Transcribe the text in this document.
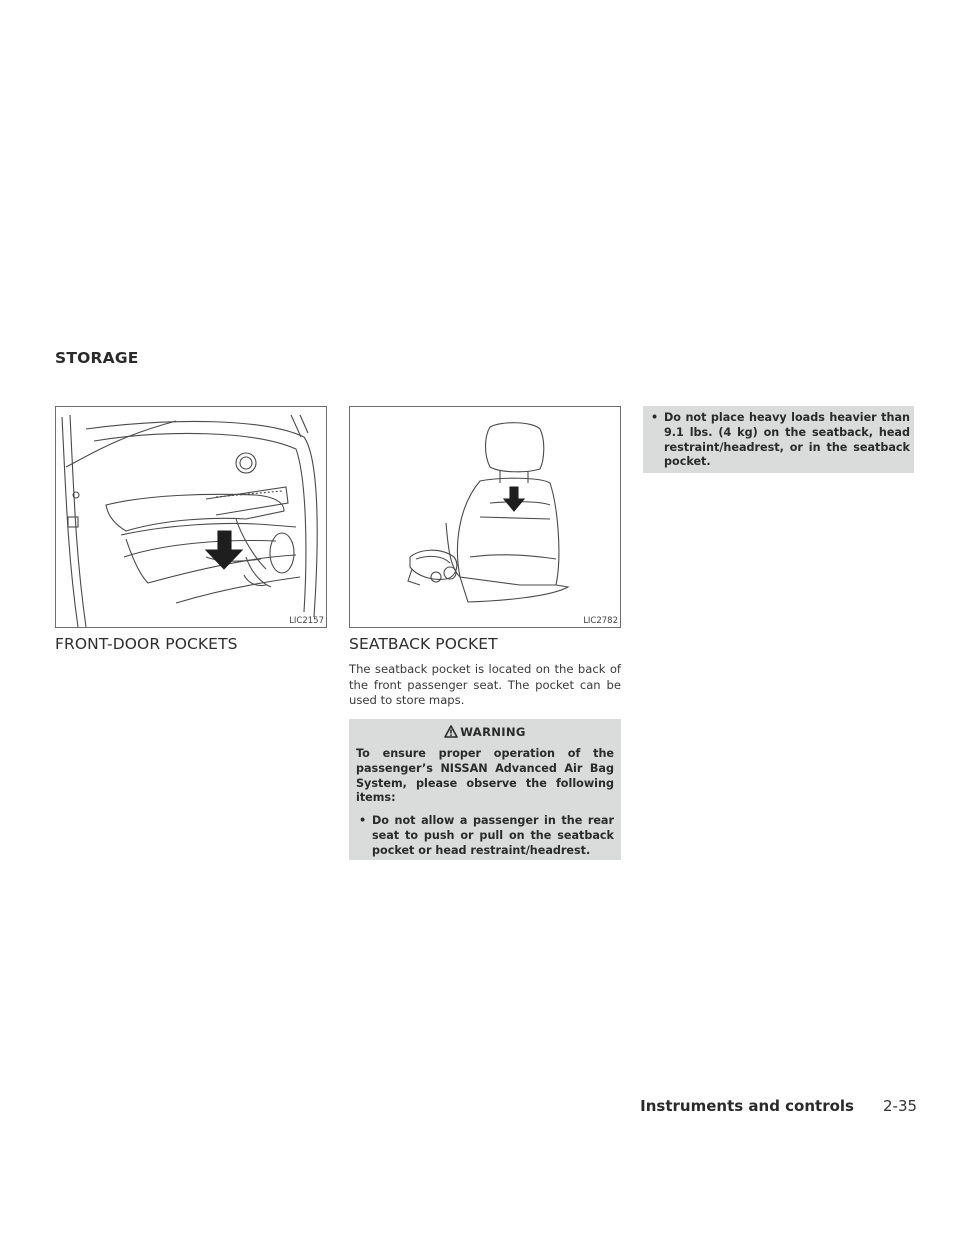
STORAGE
LIC2157	LIC2782
FRONT-DOOR POCKETS	SEATBACK POCKET
The seatback pocket is located on the back of the front passenger seat. The pocket can be used to store maps.
WARNING
To ensure proper operation of the passenger’s NISSAN Advanced Air Bag System, please observe the following items:
• Do not allow a passenger in the rear seat to push or pull on the seatback pocket or head restraint/headrest.
• Do not place heavy loads heavier than 9.1 lbs. (4 kg) on the seatback, head restraint/headrest, or in the seatback pocket.
Instruments and controls 2-35
